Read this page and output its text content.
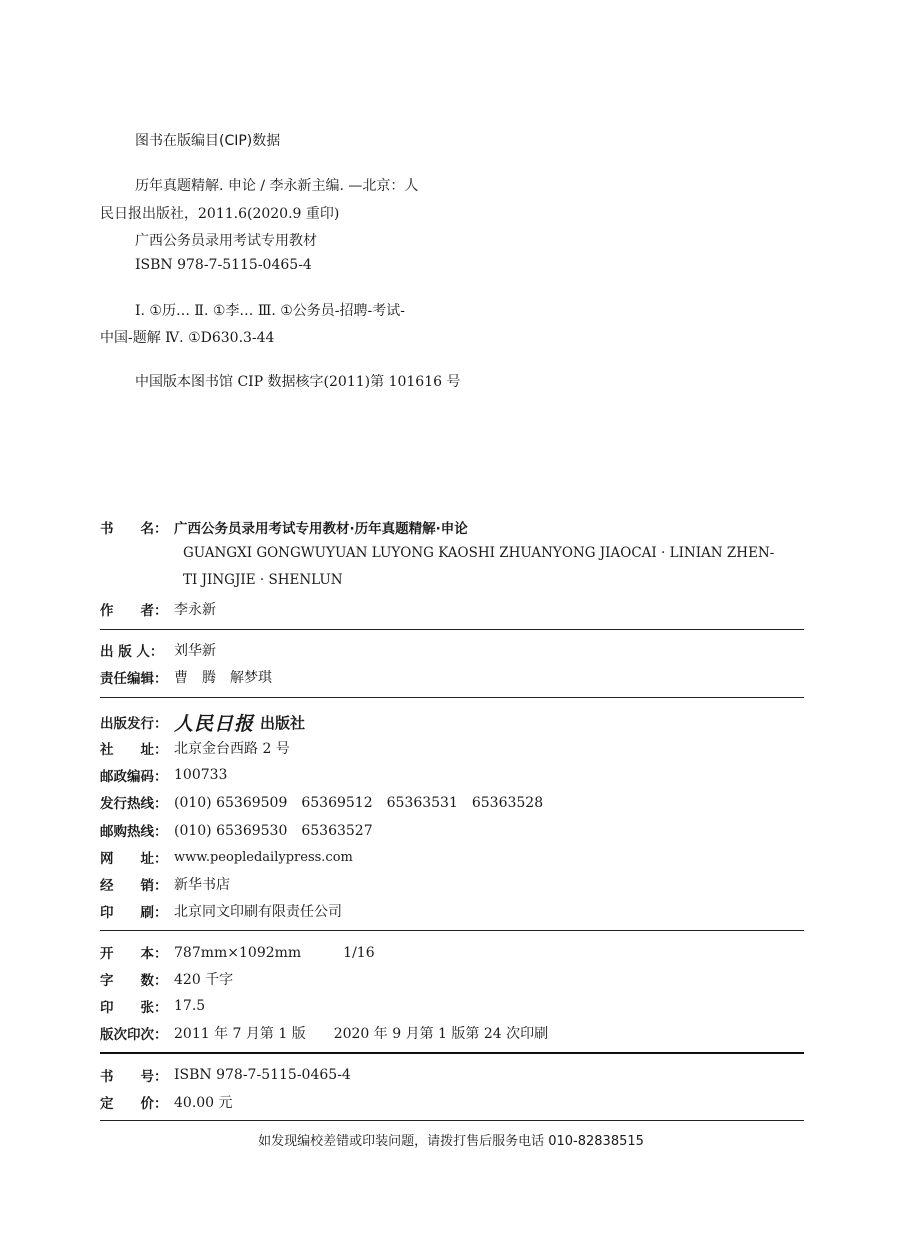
图书在版编目(CIP)数据
历年真题精解. 申论 / 李永新主编. —北京：人
民日报出版社，2011.6(2020.9 重印)
广西公务员录用考试专用教材
ISBN 978-7-5115-0465-4
Ⅰ. ①历… Ⅱ. ①李… Ⅲ. ①公务员-招聘-考试-
中国-题解 Ⅳ. ①D630.3-44
中国版本图书馆 CIP 数据核字(2011)第 101616 号
书　　名： 广西公务员录用考试专用教材·历年真题精解·申论
GUANGXI GONGWUYUAN LUYONG KAOSHI ZHUANYONG JIAOCAI · LINIAN ZHEN-
TI JINGJIE · SHENLUN
作　　者： 李永新
出 版 人： 刘华新
责任编辑： 曹　腾　解梦琪
出版发行： 人民日报 出版社
社　　址： 北京金台西路 2 号
邮政编码： 100733
发行热线： (010) 65369509　65369512　65363531　65363528
邮购热线： (010) 65369530　65363527
网　　址： www.peopledailypress.com
经　　销： 新华书店
印　　刷： 北京同文印刷有限责任公司
开　　本： 787mm×1092mm　　　1/16
字　　数： 420 千字
印　　张： 17.5
版次印次： 2011 年 7 月第 1 版　　2020 年 9 月第 1 版第 24 次印刷
书　　号： ISBN 978-7-5115-0465-4
定　　价： 40.00 元
如发现编校差错或印装问题，请拨打售后服务电话 010-82838515
